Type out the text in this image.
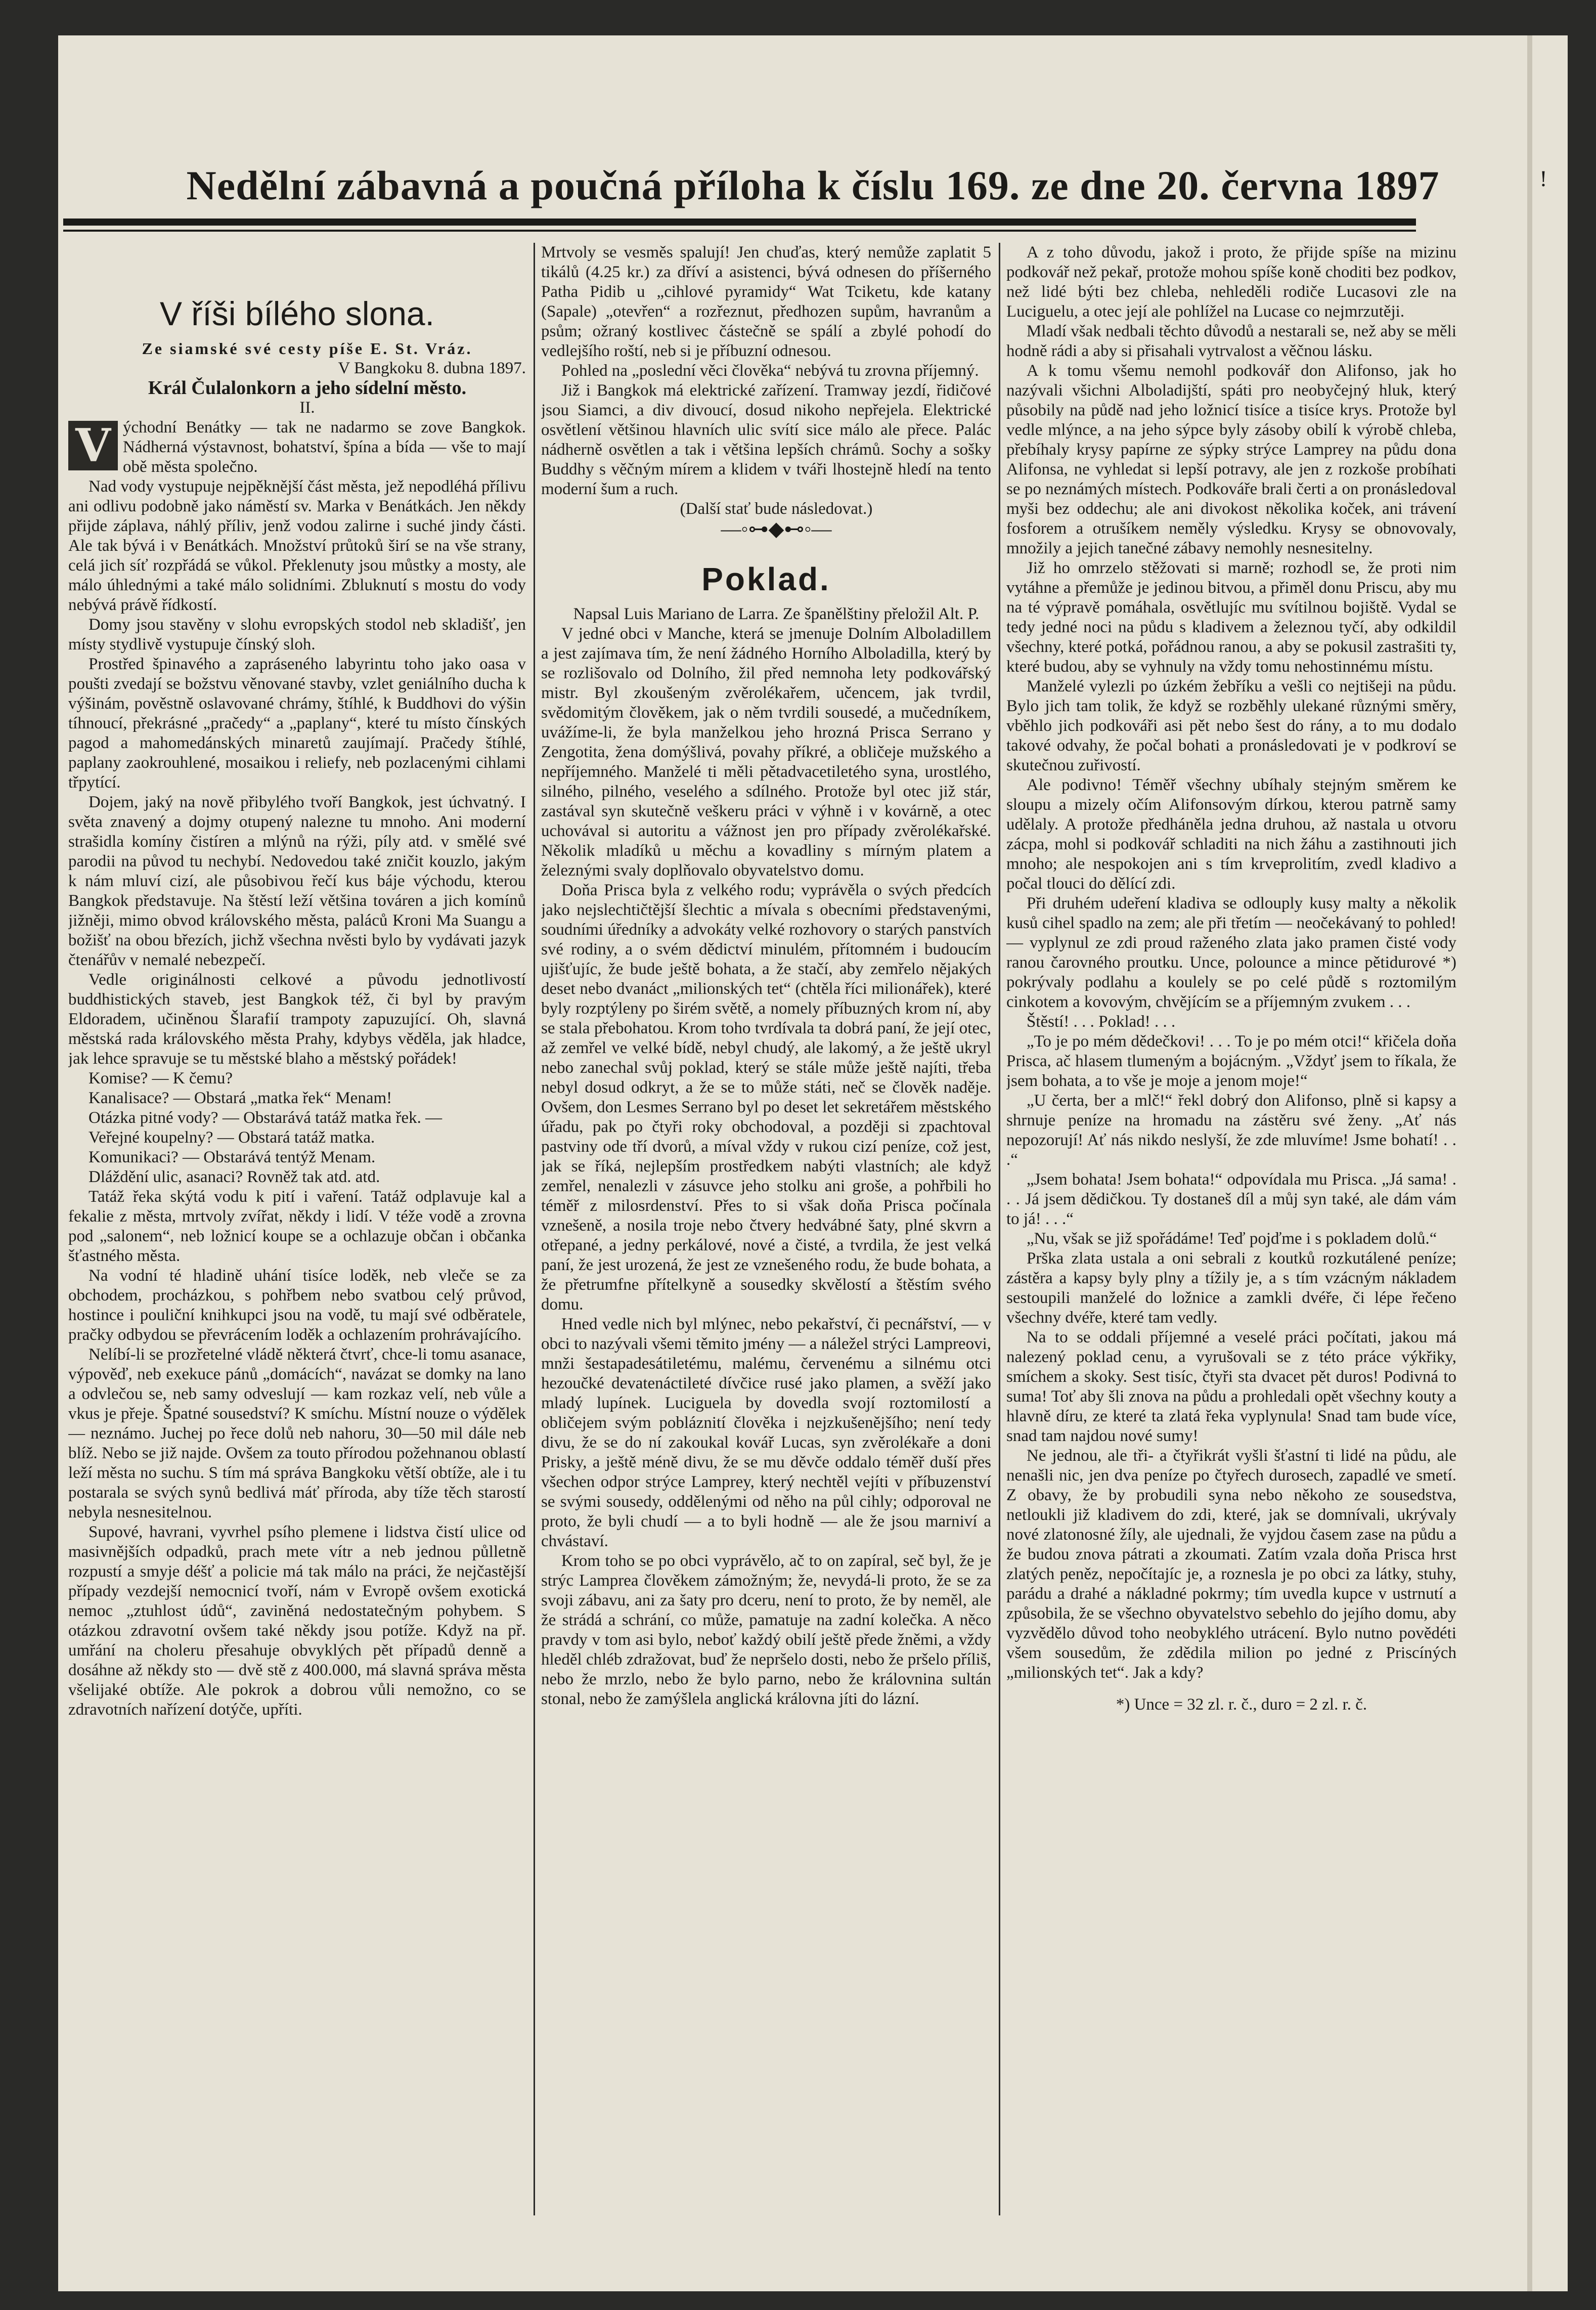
!
Nedělní zábavná a poučná příloha k číslu 169. ze dne 20. června 1897
V říši bílého slona.

Ze siamské své cesty píše E. St. Vráz.

V Bangkoku 8. dubna 1897.

Král Čulalonkorn a jeho sídelní město.

II.

V ýchodní Benátky — tak ne nadarmo se zove Bangkok. Nádherná výstavnost, bohatství, špína a bída — vše to mají obě města společno.

Nad vody vystupuje nejpěknější část města, jež nepodléhá přílivu ani odlivu podobně jako náměstí sv. Marka v Benátkách. Jen někdy přijde záplava, náhlý příliv, jenž vodou zalirne i suché jindy části. Ale tak bývá i v Benátkách. Množství průtoků širí se na vše strany, celá jich síť rozpřádá se vůkol. Překlenuty jsou můstky a mosty, ale málo úhlednými a také málo solidními. Zbluknutí s mostu do vody nebývá právě řídkostí.

Domy jsou stavěny v slohu evropských stodol neb skladišť, jen místy stydlivě vystupuje čínský sloh.

Prostřed špinavého a zapráseného labyrintu toho jako oasa v poušti zvedají se božstvu věnované stavby, vzlet geniálního ducha k výšinám, pověstně oslavované chrámy, štíhlé, k Buddhovi do výšin tíhnoucí, překrásné „pračedy“ a „paplany“, které tu místo čínských pagod a mahomedánských minaretů zaujímají. Pračedy štíhlé, paplany zaokrouhlené, mosaikou i reliefy, neb pozlacenými cihlami třpytící.

Dojem, jaký na nově přibylého tvoří Bangkok, jest úchvatný. I světa znavený a dojmy otupený nalezne tu mnoho. Ani moderní strašidla komíny čistíren a mlýnů na rýži, píly atd. v smělé své parodii na původ tu nechybí. Nedovedou také zničit kouzlo, jakým k nám mluví cizí, ale působivou řečí kus báje východu, kterou Bangkok představuje. Na štěstí leží většina továren a jich komínů jižněji, mimo obvod královského města, paláců Kroni Ma Suangu a božišť na obou březích, jichž všechna nvěsti bylo by vydávati jazyk čtenářův v nemalé nebezpečí.

Vedle originálnosti celkové a původu jednotlivostí buddhistických staveb, jest Bangkok též, či byl by pravým Eldoradem, učiněnou Šlarafií trampoty zapuzující. Oh, slavná městská rada královského města Prahy, kdybys věděla, jak hladce, jak lehce spravuje se tu městské blaho a městský pořádek!

Komise? — K čemu?

Kanalisace? — Obstará „matka řek“ Menam!

Otázka pitné vody? — Obstarává tatáž matka řek. —

Veřejné koupelny? — Obstará tatáž matka.

Komunikaci? — Obstarává tentýž Menam.

Dláždění ulic, asanaci? Rovněž tak atd. atd.

Tatáž řeka skýtá vodu k pití i vaření. Tatáž odplavuje kal a fekalie z města, mrtvoly zvířat, někdy i lidí. V téže vodě a zrovna pod „salonem“, neb ložnicí koupe se a ochlazuje občan i občanka šťastného města.

Na vodní té hladině uhání tisíce loděk, neb vleče se za obchodem, procházkou, s pohřbem nebo svatbou celý průvod, hostince i pouliční knihkupci jsou na vodě, tu mají své odběratele, pračky odbydou se převrácením loděk a ochlazením prohrávajícího.

Nelíbí-li se prozřetelné vládě některá čtvrť, chce-li tomu asanace, výpověď, neb exekuce pánů „domácích“, navázat se domky na lano a odvlečou se, neb samy odveslují — kam rozkaz velí, neb vůle a vkus je přeje. Špatné sousedství? K smíchu. Místní nouze o výdělek — neznámo. Juchej po řece dolů neb nahoru, 30—50 mil dále neb blíž. Nebo se již najde. Ovšem za touto přírodou požehnanou oblastí leží města no suchu. S tím má správa Bangkoku větší obtíže, ale i tu postarala se svých synů bedlivá máť příroda, aby tíže těch starostí nebyla nesnesitelnou.

Supové, havrani, vyvrhel psího plemene i lidstva čistí ulice od masivnějších odpadků, prach mete vítr a neb jednou půlletně rozpustí a smyje déšť a policie má tak málo na práci, že nejčastější případy vezdejší nemocnicí tvoří, nám v Evropě ovšem exotická nemoc „ztuhlost údů“, zaviněná nedostatečným pohybem. S otázkou zdravotní ovšem také někdy jsou potíže. Když na př. umřání na choleru přesahuje obvyklých pět případů denně a dosáhne až někdy sto — dvě stě z 400.000, má slavná správa města všelijaké obtíže. Ale pokrok a dobrou vůli nemožno, co se zdravotních nařízení dotýče, upříti.

Mrtvoly se vesměs spalují! Jen chuďas, který nemůže zaplatit 5 tikálů (4.25 kr.) za dříví a asistenci, bývá odnesen do příšerného Patha Pidib u „cihlové pyramidy“ Wat Tciketu, kde katany (Sapale) „otevřen“ a rozřeznut, předhozen supům, havranům a psům; ožraný kostlivec částečně se spálí a zbylé pohodí do vedlejšího roští, neb si je příbuzní odnesou.

Pohled na „poslední věci člověka“ nebývá tu zrovna příjemný.

Již i Bangkok má elektrické zařízení. Tramway jezdí, řidičové jsou Siamci, a div divoucí, dosud nikoho nepřejela. Elektrické osvětlení většinou hlavních ulic svítí sice málo ale přece. Palác nádherně osvětlen a tak i většina lepších chrámů. Sochy a sošky Buddhy s věčným mírem a klidem v tváři lhostejně hledí na tento moderní šum a ruch.

(Další stať bude následovat.)

—◦⊶◆⊷◦—

Poklad.

Napsal Luis Mariano de Larra. Ze španělštiny přeložil Alt. P.

V jedné obci v Manche, která se jmenuje Dolním Alboladillem a jest zajímava tím, že není žádného Horního Alboladilla, který by se rozlišovalo od Dolního, žil před nemnoha lety podkovářský mistr. Byl zkoušeným zvěrolékařem, učencem, jak tvrdil, svědomitým člověkem, jak o něm tvrdili sousedé, a mučedníkem, uvážíme-li, že byla manželkou jeho hrozná Prisca Serrano y Zengotita, žena domýšlivá, povahy příkré, a obličeje mužského a nepříjemného. Manželé ti měli pětadvacetiletého syna, urostlého, silného, pilného, veselého a sdílného. Protože byl otec již stár, zastával syn skutečně veškeru práci v výhně i v kovárně, a otec uchovával si autoritu a vážnost jen pro případy zvěrolékařské. Několik mladíků u měchu a kovadliny s mírným platem a železnými svaly doplňovalo obyvatelstvo domu.

Doňa Prisca byla z velkého rodu; vyprávěla o svých předcích jako nejslechtičtější šlechtic a mívala s obecními představenými, soudními úředníky a advokáty velké rozhovory o starých panstvích své rodiny, a o svém dědictví minulém, přítomném i budoucím ujišťujíc, že bude ještě bohata, a že stačí, aby zemřelo nějakých deset nebo dvanáct „milionských tet“ (chtěla říci milionářek), které byly rozptýleny po širém světě, a nomely příbuzných krom ní, aby se stala přebohatou. Krom toho tvrdívala ta dobrá paní, že její otec, až zemřel ve velké bídě, nebyl chudý, ale lakomý, a že ještě ukryl nebo zanechal svůj poklad, který se stále může ještě najíti, třeba nebyl dosud odkryt, a že se to může státi, neč se člověk naděje. Ovšem, don Lesmes Serrano byl po deset let sekretářem městského úřadu, pak po čtyři roky obchodoval, a později si zpachtoval pastviny ode tří dvorů, a míval vždy v rukou cizí peníze, což jest, jak se říká, nejlepším prostředkem nabýti vlastních; ale když zemřel, nenalezli v zásuvce jeho stolku ani groše, a pohřbili ho téměř z milosrdenství. Přes to si však doňa Prisca počínala vznešeně, a nosila troje nebo čtvery hedvábné šaty, plné skvrn a otřepané, a jedny perkálové, nové a čisté, a tvrdila, že jest velká paní, že jest urozená, že jest ze vznešeného rodu, že bude bohata, a že přetrumfne přítelkyně a sousedky skvělostí a štěstím svého domu.

Hned vedle nich byl mlýnec, nebo pekařství, či pecnářství, — v obci to nazývali všemi těmito jmény — a náležel strýci Lampreovi, mnži šestapadesátiletému, malému, červenému a silnému otci hezoučké devatenáctileté dívčice rusé jako plamen, a svěží jako mladý lupínek. Luciguela by dovedla svojí roztomilostí a obličejem svým pobláznití člověka i nejzkušenějšího; není tedy divu, že se do ní zakoukal kovář Lucas, syn zvěrolékaře a doni Prisky, a ještě méně divu, že se mu děvče oddalo téměř duší přes všechen odpor strýce Lamprey, který nechtěl vejíti v příbuzenství se svými sousedy, oddělenými od něho na půl cihly; odporoval ne proto, že byli chudí — a to byli hodně — ale že jsou marniví a chvástaví.

Krom toho se po obci vyprávělo, ač to on zapíral, seč byl, že je strýc Lamprea člověkem zámožným; že, nevydá-li proto, že se za svoji zábavu, ani za šaty pro dceru, není to proto, že by neměl, ale že strádá a schrání, co může, pamatuje na zadní kolečka. A něco pravdy v tom asi bylo, neboť každý obilí ještě přede žněmi, a vždy hleděl chléb zdražovat, buď že nepršelo dosti, nebo že pršelo příliš, nebo že mrzlo, nebo že bylo parno, nebo že královnina sultán stonal, nebo že zamýšlela anglická královna jíti do lázní.

A z toho důvodu, jakož i proto, že přijde spíše na mizinu podkovář než pekař, protože mohou spíše koně choditi bez podkov, než lidé býti bez chleba, nehleděli rodiče Lucasovi zle na Luciguelu, a otec její ale pohlížel na Lucase co nejmrzutěji.

Mladí však nedbali těchto důvodů a nestarali se, než aby se měli hodně rádi a aby si přisahali vytrvalost a věčnou lásku.

A k tomu všemu nemohl podkovář don Alifonso, jak ho nazývali všichni Alboladijští, spáti pro neobyčejný hluk, který působily na půdě nad jeho ložnicí tisíce a tisíce krys. Protože byl vedle mlýnce, a na jeho sýpce byly zásoby obilí k výrobě chleba, přebíhaly krysy papírne ze sýpky strýce Lamprey na půdu dona Alifonsa, ne vyhledat si lepší potravy, ale jen z rozkoše probíhati se po neznámých místech. Podkováře brali čerti a on pronásledoval myši bez oddechu; ale ani divokost několika koček, ani trávení fosforem a otrušíkem neměly výsledku. Krysy se obnovovaly, množily a jejich tanečné zábavy nemohly nesnesitelny.

Již ho omrzelo stěžovati si marně; rozhodl se, že proti nim vytáhne a přemůže je jedinou bitvou, a přiměl donu Priscu, aby mu na té výpravě pomáhala, osvětlujíc mu svítilnou bojiště. Vydal se tedy jedné noci na půdu s kladivem a železnou tyčí, aby odkildil všechny, které potká, pořádnou ranou, a aby se pokusil zastrašiti ty, které budou, aby se vyhnuly na vždy tomu nehostinnému místu.

Manželé vylezli po úzkém žebříku a vešli co nejtišeji na půdu. Bylo jich tam tolik, že když se rozběhly ulekané různými směry, vběhlo jich podkováři asi pět nebo šest do rány, a to mu dodalo takové odvahy, že počal bohati a pronásledovati je v podkroví se skutečnou zuřivostí.

Ale podivno! Téměř všechny ubíhaly stejným směrem ke sloupu a mizely očím Alifonsovým dírkou, kterou patrně samy udělaly. A protože předháněla jedna druhou, až nastala u otvoru zácpa, mohl si podkovář schladiti na nich žáhu a zastihnouti jich mnoho; ale nespokojen ani s tím krveprolitím, zvedl kladivo a počal tlouci do dělící zdi.

Při druhém udeření kladiva se odlouply kusy malty a několik kusů cihel spadlo na zem; ale při třetím — neočekávaný to pohled! — vyplynul ze zdi proud raženého zlata jako pramen čisté vody ranou čarovného proutku. Unce, polounce a mince pětidurové *) pokrývaly podlahu a koulely se po celé půdě s roztomilým cinkotem a kovovým, chvějícím se a příjemným zvukem . . .

Štěstí! . . . Poklad! . . .

„To je po mém dědečkovi! . . . To je po mém otci!“ křičela doňa Prisca, ač hlasem tlumeným a bojácným. „Vždyť jsem to říkala, že jsem bohata, a to vše je moje a jenom moje!“

„U čerta, ber a mlč!“ řekl dobrý don Alifonso, plně si kapsy a shrnuje peníze na hromadu na zástěru své ženy. „Ať nás nepozorují! Ať nás nikdo neslyší, že zde mluvíme! Jsme bohatí! . . .“

„Jsem bohata! Jsem bohata!“ odpovídala mu Prisca. „Já sama! . . . Já jsem dědičkou. Ty dostaneš díl a můj syn také, ale dám vám to já! . . .“

„Nu, však se již spořádáme! Teď pojďme i s pokladem dolů.“

Prška zlata ustala a oni sebrali z koutků rozkutálené peníze; zástěra a kapsy byly plny a tížily je, a s tím vzácným nákladem sestoupili manželé do ložnice a zamkli dvéře, či lépe řečeno všechny dvéře, které tam vedly.

Na to se oddali příjemné a veselé práci počítati, jakou má nalezený poklad cenu, a vyrušovali se z této práce výkřiky, smíchem a skoky. Sest tisíc, čtyři sta dvacet pět duros! Podivná to suma! Toť aby šli znova na půdu a prohledali opět všechny kouty a hlavně díru, ze které ta zlatá řeka vyplynula! Snad tam bude více, snad tam najdou nové sumy!

Ne jednou, ale tři- a čtyřikrát vyšli šťastní ti lidé na půdu, ale nenašli nic, jen dva peníze po čtyřech durosech, zapadlé ve smetí. Z obavy, že by probudili syna nebo někoho ze sousedstva, netloukli již kladivem do zdi, které, jak se domnívali, ukrývaly nové zlatonosné žíly, ale ujednali, že vyjdou časem zase na půdu a že budou znova pátrati a zkoumati. Zatím vzala doňa Prisca hrst zlatých peněz, nepočítajíc je, a roznesla je po obci za látky, stuhy, parádu a drahé a nákladné pokrmy; tím uvedla kupce v ustrnutí a způsobila, že se všechno obyvatelstvo sebehlo do jejího domu, aby vyzvědělo důvod toho neobyklého utrácení. Bylo nutno povědéti všem sousedům, že zdědila milion po jedné z Priscíných „milionských tet“. Jak a kdy?

*) Unce = 32 zl. r. č., duro = 2 zl. r. č.
